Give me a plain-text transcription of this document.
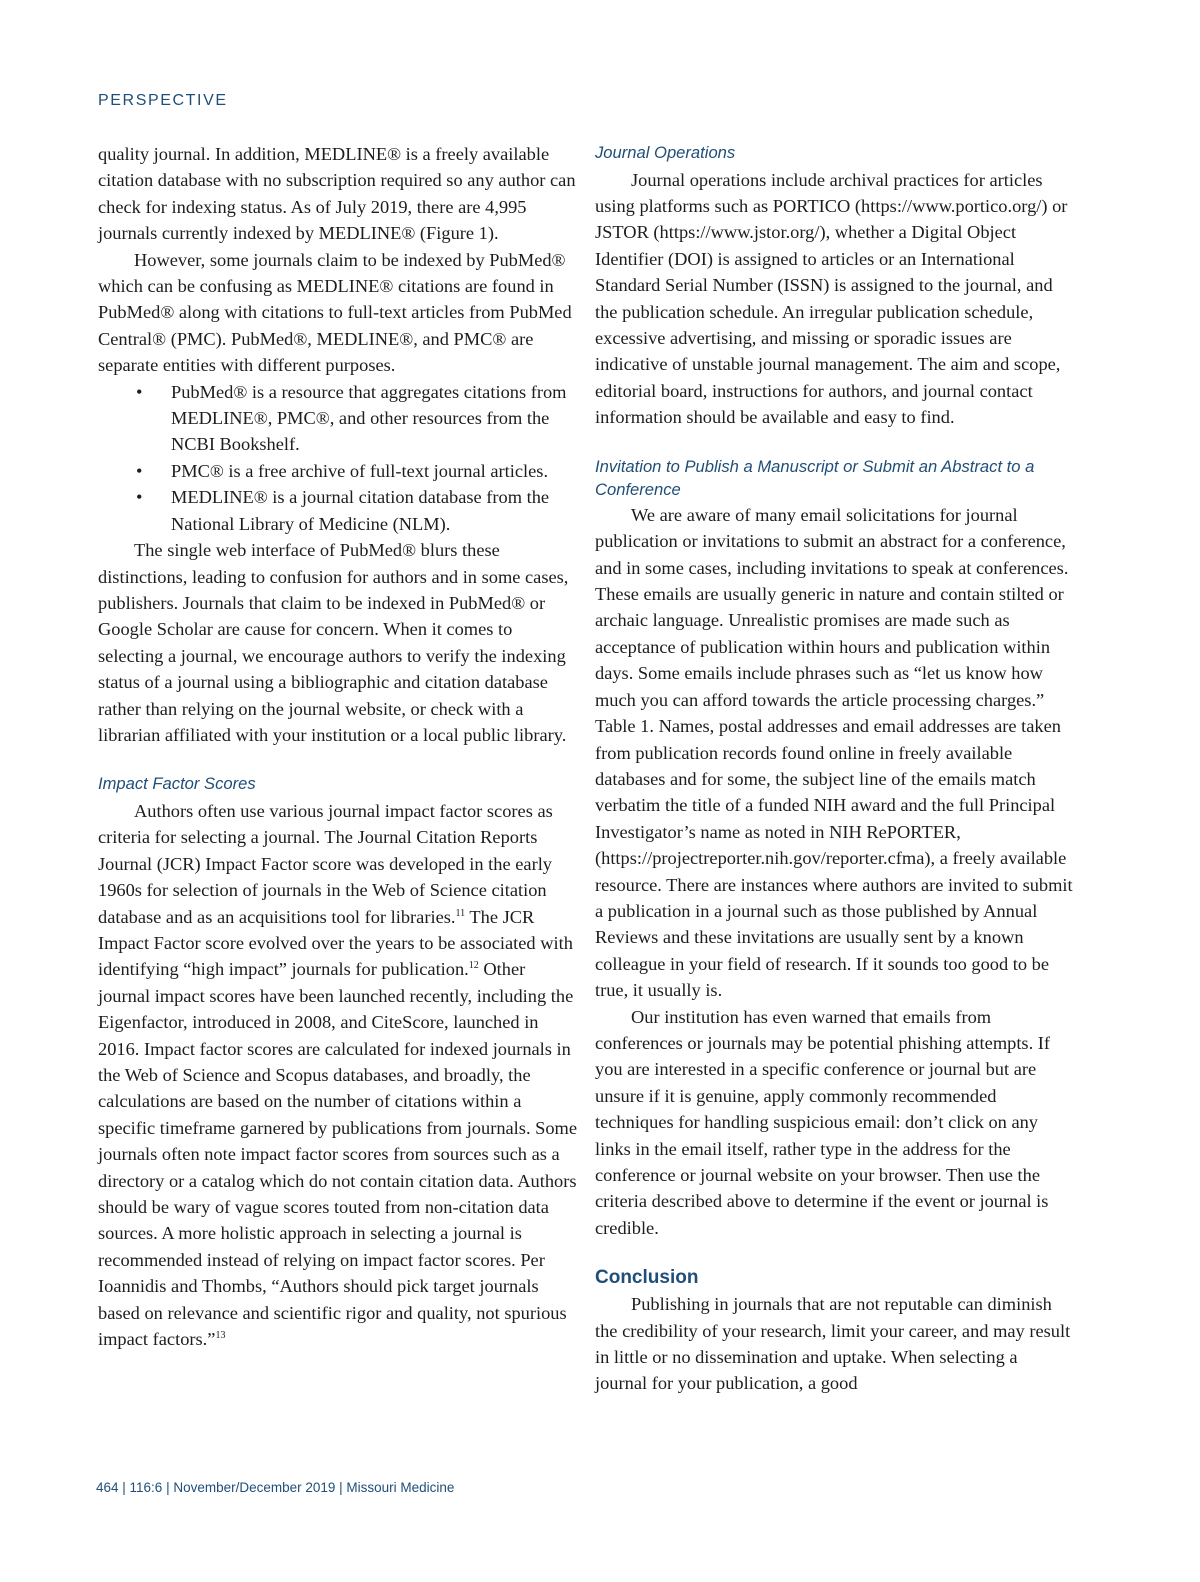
PERSPECTIVE

quality journal. In addition, MEDLINE® is a freely available citation database with no subscription required so any author can check for indexing status. As of July 2019, there are 4,995 journals currently indexed by MEDLINE® (Figure 1).

However, some journals claim to be indexed by PubMed® which can be confusing as MEDLINE® citations are found in PubMed® along with citations to full-text articles from PubMed Central® (PMC). PubMed®, MEDLINE®, and PMC® are separate entities with different purposes.

• PubMed® is a resource that aggregates citations from MEDLINE®, PMC®, and other resources from the NCBI Bookshelf.
• PMC® is a free archive of full-text journal articles.
• MEDLINE® is a journal citation database from the National Library of Medicine (NLM).

The single web interface of PubMed® blurs these distinctions, leading to confusion for authors and in some cases, publishers. Journals that claim to be indexed in PubMed® or Google Scholar are cause for concern. When it comes to selecting a journal, we encourage authors to verify the indexing status of a journal using a bibliographic and citation database rather than relying on the journal website, or check with a librarian affiliated with your institution or a local public library.

Impact Factor Scores

Authors often use various journal impact factor scores as criteria for selecting a journal. The Journal Citation Reports Journal (JCR) Impact Factor score was developed in the early 1960s for selection of journals in the Web of Science citation database and as an acquisitions tool for libraries.$^{11}$ The JCR Impact Factor score evolved over the years to be associated with identifying “high impact” journals for publication.$^{12}$ Other journal impact scores have been launched recently, including the Eigenfactor, introduced in 2008, and CiteScore, launched in 2016. Impact factor scores are calculated for indexed journals in the Web of Science and Scopus databases, and broadly, the calculations are based on the number of citations within a specific timeframe garnered by publications from journals. Some journals often note impact factor scores from sources such as a directory or a catalog which do not contain citation data. Authors should be wary of vague scores touted from non-citation data sources. A more holistic approach in selecting a journal is recommended instead of relying on impact factor scores. Per Ioannidis and Thombs, “Authors should pick target journals based on relevance and scientific rigor and quality, not spurious impact factors.”$^{13}$

Journal Operations

Journal operations include archival practices for articles using platforms such as PORTICO (https://www.portico.org/) or JSTOR (https://www.jstor.org/), whether a Digital Object Identifier (DOI) is assigned to articles or an International Standard Serial Number (ISSN) is assigned to the journal, and the publication schedule. An irregular publication schedule, excessive advertising, and missing or sporadic issues are indicative of unstable journal management. The aim and scope, editorial board, instructions for authors, and journal contact information should be available and easy to find.

Invitation to Publish a Manuscript or Submit an Abstract to a Conference

We are aware of many email solicitations for journal publication or invitations to submit an abstract for a conference, and in some cases, including invitations to speak at conferences. These emails are usually generic in nature and contain stilted or archaic language. Unrealistic promises are made such as acceptance of publication within hours and publication within days. Some emails include phrases such as “let us know how much you can afford towards the article processing charges.” Table 1. Names, postal addresses and email addresses are taken from publication records found online in freely available databases and for some, the subject line of the emails match verbatim the title of a funded NIH award and the full Principal Investigator’s name as noted in NIH RePORTER, (https://projectreporter.nih.gov/reporter.cfma), a freely available resource. There are instances where authors are invited to submit a publication in a journal such as those published by Annual Reviews and these invitations are usually sent by a known colleague in your field of research. If it sounds too good to be true, it usually is.

Our institution has even warned that emails from conferences or journals may be potential phishing attempts. If you are interested in a specific conference or journal but are unsure if it is genuine, apply commonly recommended techniques for handling suspicious email: don’t click on any links in the email itself, rather type in the address for the conference or journal website on your browser. Then use the criteria described above to determine if the event or journal is credible.

Conclusion

Publishing in journals that are not reputable can diminish the credibility of your research, limit your career, and may result in little or no dissemination and uptake. When selecting a journal for your publication, a good

464 | 116:6 | November/December 2019 | Missouri Medicine
